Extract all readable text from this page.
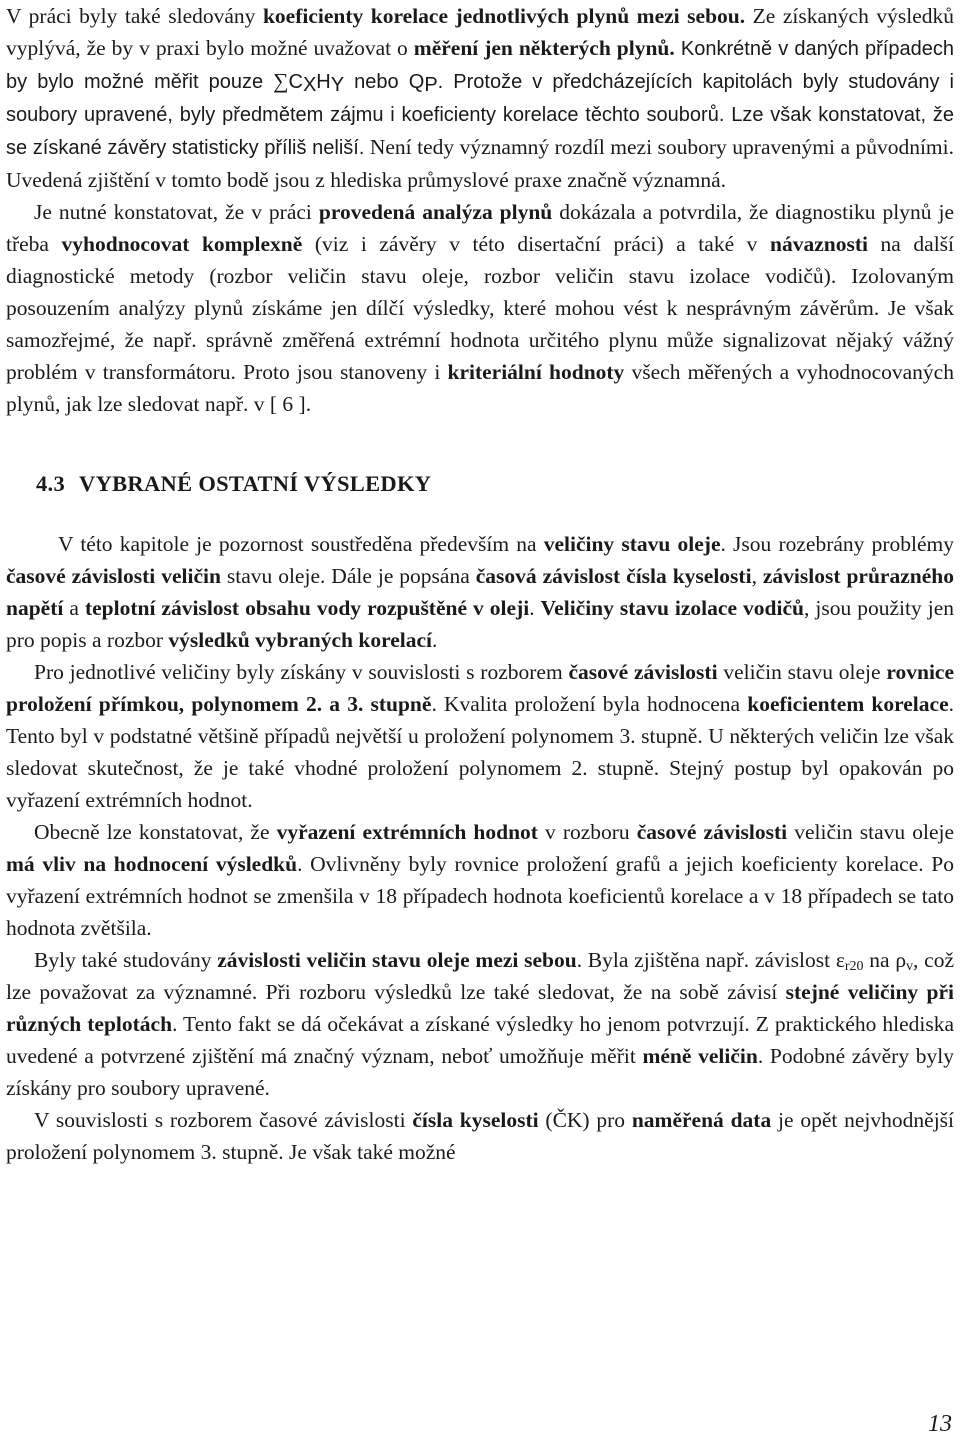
V práci byly také sledovány koeficienty korelace jednotlivých plynů mezi sebou. Ze získaných výsledků vyplývá, že by v praxi bylo možné uvažovat o měření jen některých plynů. Konkrétně v daných případech by bylo možné měřit pouze $\sum C_XH_Y$ nebo $Q_P$. Protože v předcházejících kapitolách byly studovány i soubory upravené, byly předmětem zájmu i koeficienty korelace těchto souborů. Lze však konstatovat, že se získané závěry statisticky příliš neliší. Není tedy významný rozdíl mezi soubory upravenými a původními. Uvedená zjištění v tomto bodě jsou z hlediska průmyslové praxe značně významná.

Je nutné konstatovat, že v práci provedená analýza plynů dokázala a potvrdila, že diagnostiku plynů je třeba vyhodnocovat komplexně (viz i závěry v této disertační práci) a také v návaznosti na další diagnostické metody (rozbor veličin stavu oleje, rozbor veličin stavu izolace vodičů). Izolovaným posouzením analýzy plynů získáme jen dílčí výsledky, které mohou vést k nesprávným závěrům. Je však samozřejmé, že např. správně změřená extrémní hodnota určitého plynu může signalizovat nějaký vážný problém v transformátoru. Proto jsou stanoveny i kriteriální hodnoty všech měřených a vyhodnocovaných plynů, jak lze sledovat např. v [ 6 ].

4.3 VYBRANÉ OSTATNÍ VÝSLEDKY

V této kapitole je pozornost soustředěna především na veličiny stavu oleje. Jsou rozebrány problémy časové závislosti veličin stavu oleje. Dále je popsána časová závislost čísla kyselosti, závislost průrazného napětí a teplotní závislost obsahu vody rozpuštěné v oleji. Veličiny stavu izolace vodičů, jsou použity jen pro popis a rozbor výsledků vybraných korelací.

Pro jednotlivé veličiny byly získány v souvislosti s rozborem časové závislosti veličin stavu oleje rovnice proložení přímkou, polynomem 2. a 3. stupně. Kvalita proložení byla hodnocena koeficientem korelace. Tento byl v podstatné většině případů největší u proložení polynomem 3. stupně. U některých veličin lze však sledovat skutečnost, že je také vhodné proložení polynomem 2. stupně. Stejný postup byl opakován po vyřazení extrémních hodnot.

Obecně lze konstatovat, že vyřazení extrémních hodnot v rozboru časové závislosti veličin stavu oleje má vliv na hodnocení výsledků. Ovlivněny byly rovnice proložení grafů a jejich koeficienty korelace. Po vyřazení extrémních hodnot se zmenšila v 18 případech hodnota koeficientů korelace a v 18 případech se tato hodnota zvětšila.

Byly také studovány závislosti veličin stavu oleje mezi sebou. Byla zjištěna např. závislost $\varepsilon_{r20}$ na $\rho_v$, což lze považovat za významné. Při rozboru výsledků lze také sledovat, že na sobě závisí stejné veličiny při různých teplotách. Tento fakt se dá očekávat a získané výsledky ho jenom potvrzují. Z praktického hlediska uvedené a potvrzené zjištění má značný význam, neboť umožňuje měřit méně veličin. Podobné závěry byly získány pro soubory upravené.

V souvislosti s rozborem časové závislosti čísla kyselosti (ČK) pro naměřená data je opět nejvhodnější proložení polynomem 3. stupně. Je však také možné

13
